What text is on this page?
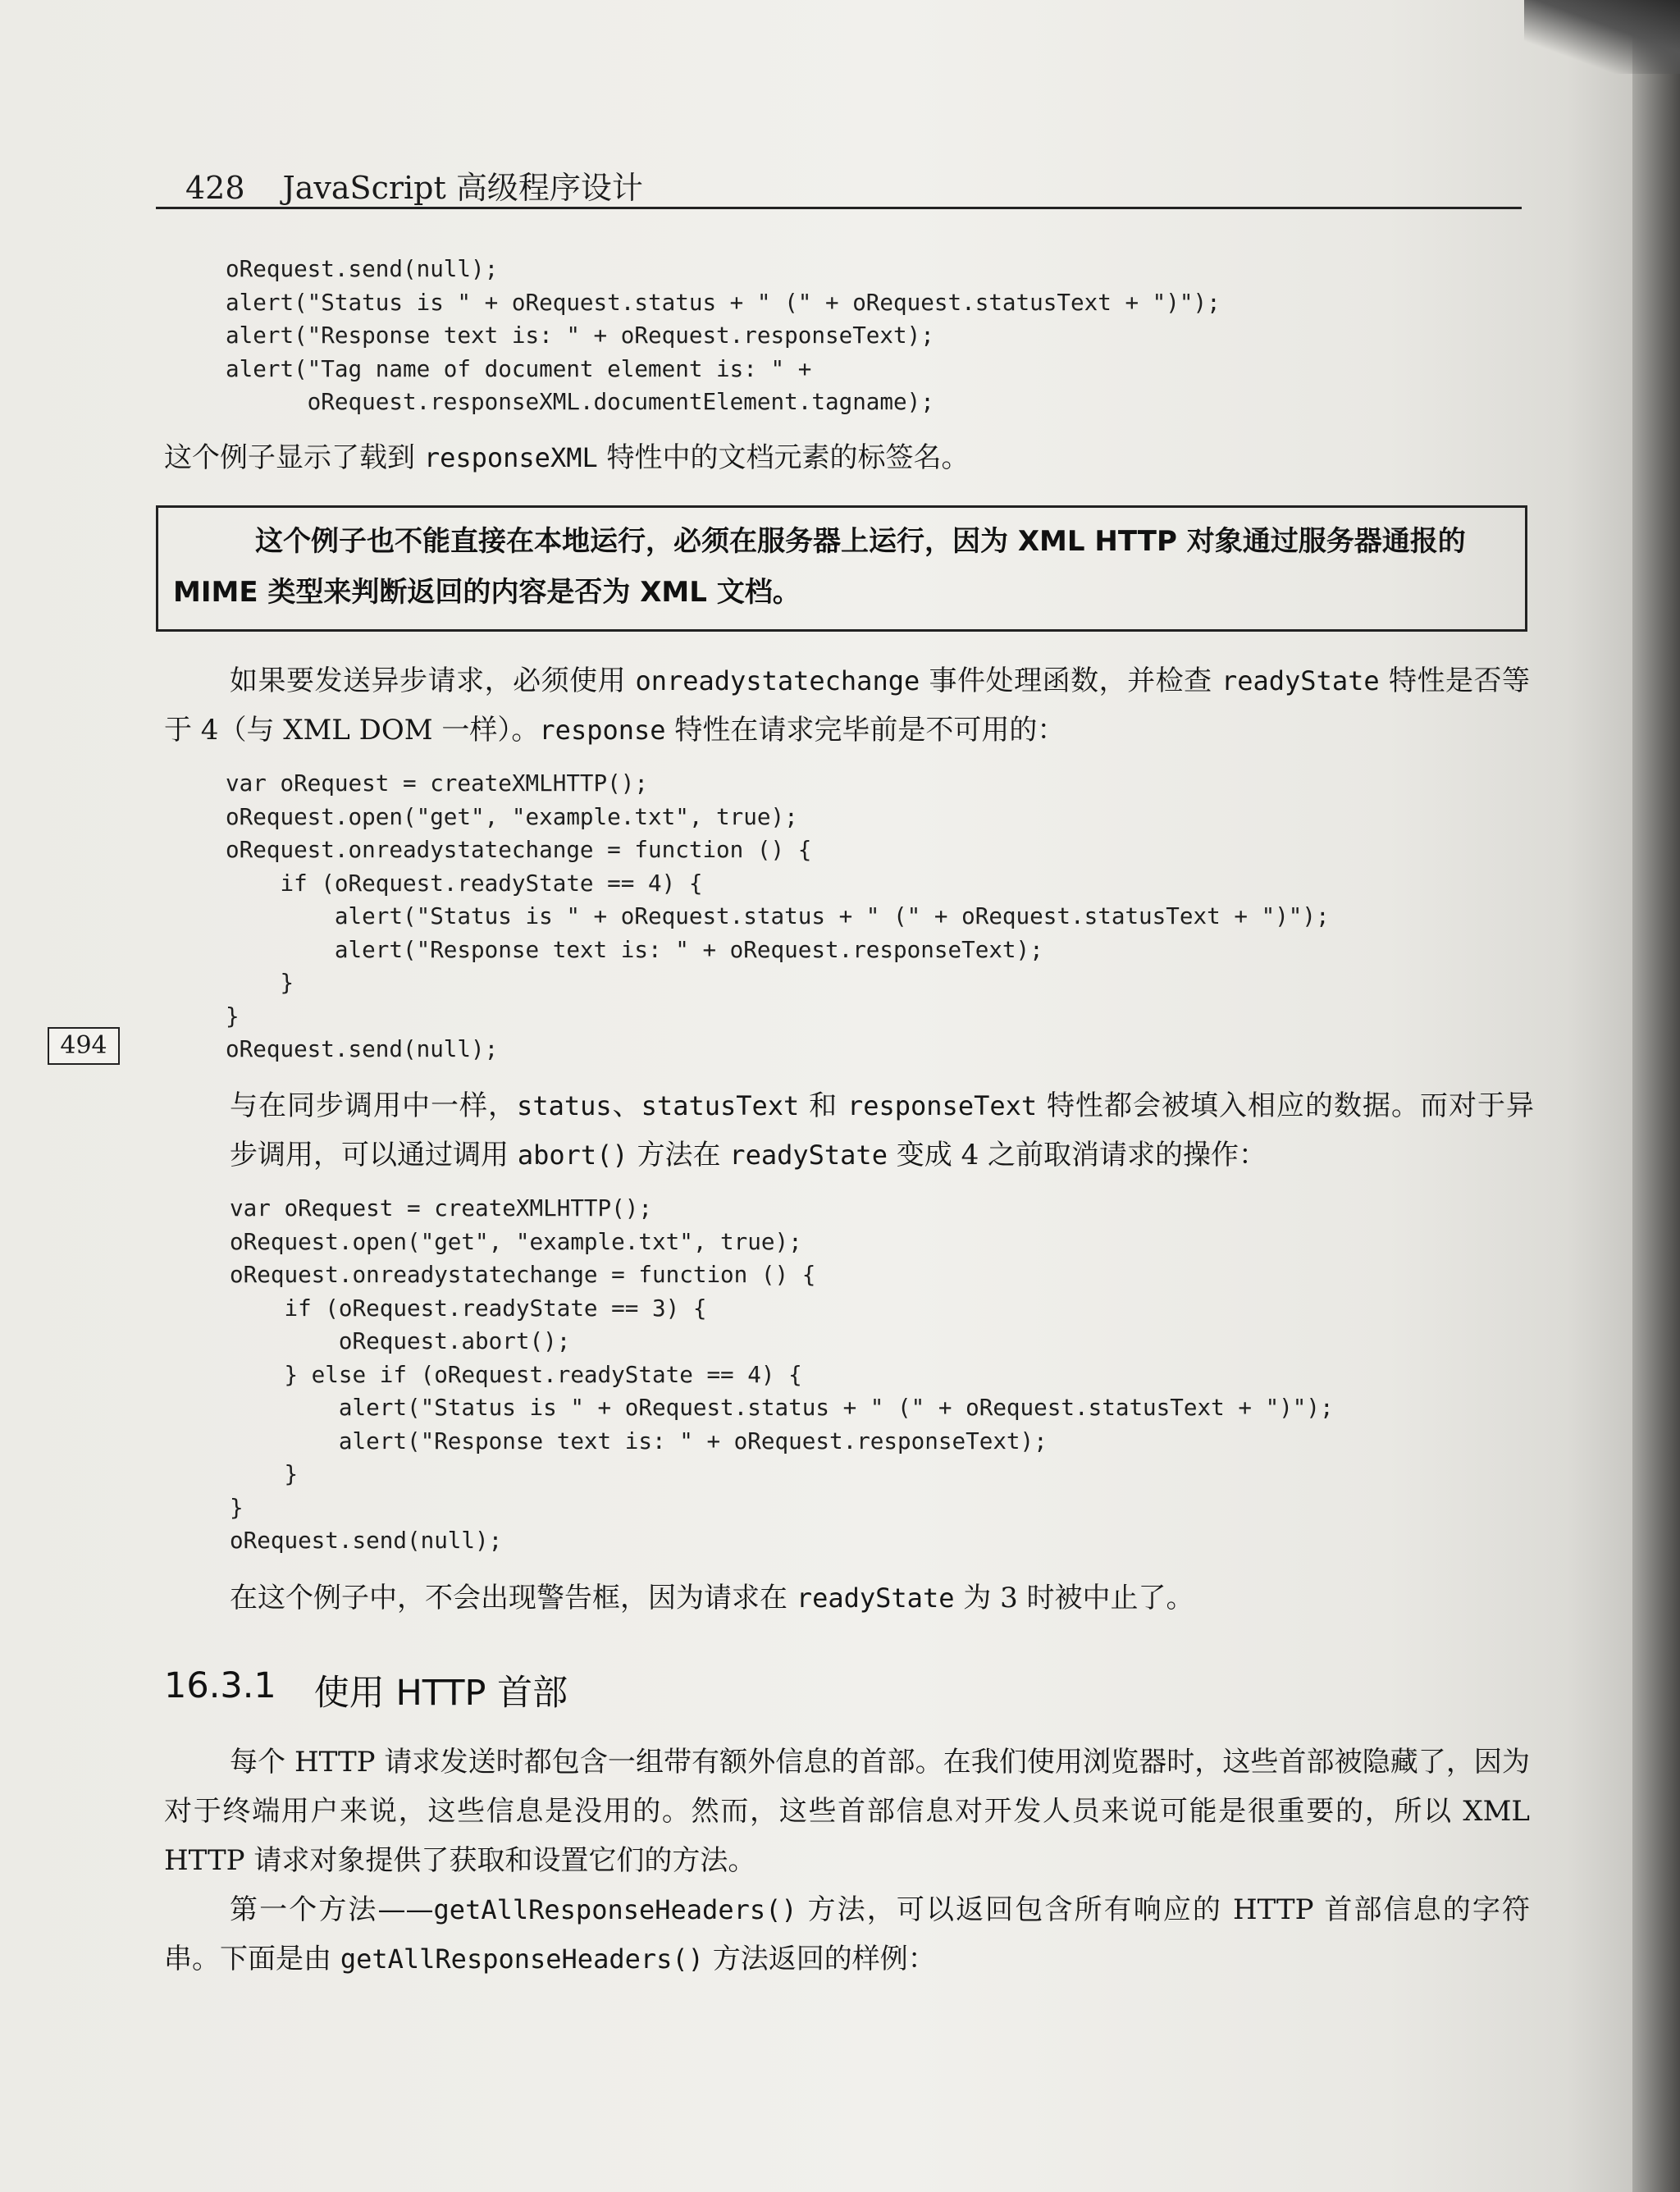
428 JavaScript 高级程序设计
oRequest.send(null);
alert("Status is " + oRequest.status + " (" + oRequest.statusText + ")");
alert("Response text is: " + oRequest.responseText);
alert("Tag name of document element is: " +
oRequest.responseXML.documentElement.tagname);

这个例子显示了载到 responseXML 特性中的文档元素的标签名。

这个例子也不能直接在本地运行，必须在服务器上运行，因为 XML HTTP 对象通过服务器通报的 MIME 类型来判断返回的内容是否为 XML 文档。

如果要发送异步请求，必须使用 onreadystatechange 事件处理函数，并检查 readyState 特性是否等于 4（与 XML DOM 一样）。response 特性在请求完毕前是不可用的：

var oRequest = createXMLHTTP();
oRequest.open("get", "example.txt", true);
oRequest.onreadystatechange = function () {
if (oRequest.readyState == 4) {
alert("Status is " + oRequest.status + " (" + oRequest.statusText + ")");
alert("Response text is: " + oRequest.responseText);
}
}
oRequest.send(null);
494

与在同步调用中一样，status、statusText 和 responseText 特性都会被填入相应的数据。而对于异步调用，可以通过调用 abort() 方法在 readyState 变成 4 之前取消请求的操作：

var oRequest = createXMLHTTP();
oRequest.open("get", "example.txt", true);
oRequest.onreadystatechange = function () {
if (oRequest.readyState == 3) {
oRequest.abort();
} else if (oRequest.readyState == 4) {
alert("Status is " + oRequest.status + " (" + oRequest.statusText + ")");
alert("Response text is: " + oRequest.responseText);
}
}
oRequest.send(null);

在这个例子中，不会出现警告框，因为请求在 readyState 为 3 时被中止了。

16.3.1 使用 HTTP 首部

每个 HTTP 请求发送时都包含一组带有额外信息的首部。在我们使用浏览器时，这些首部被隐藏了，因为对于终端用户来说，这些信息是没用的。然而，这些首部信息对开发人员来说可能是很重要的，所以 XML HTTP 请求对象提供了获取和设置它们的方法。

第一个方法——getAllResponseHeaders() 方法，可以返回包含所有响应的 HTTP 首部信息的字符串。下面是由 getAllResponseHeaders() 方法返回的样例：
